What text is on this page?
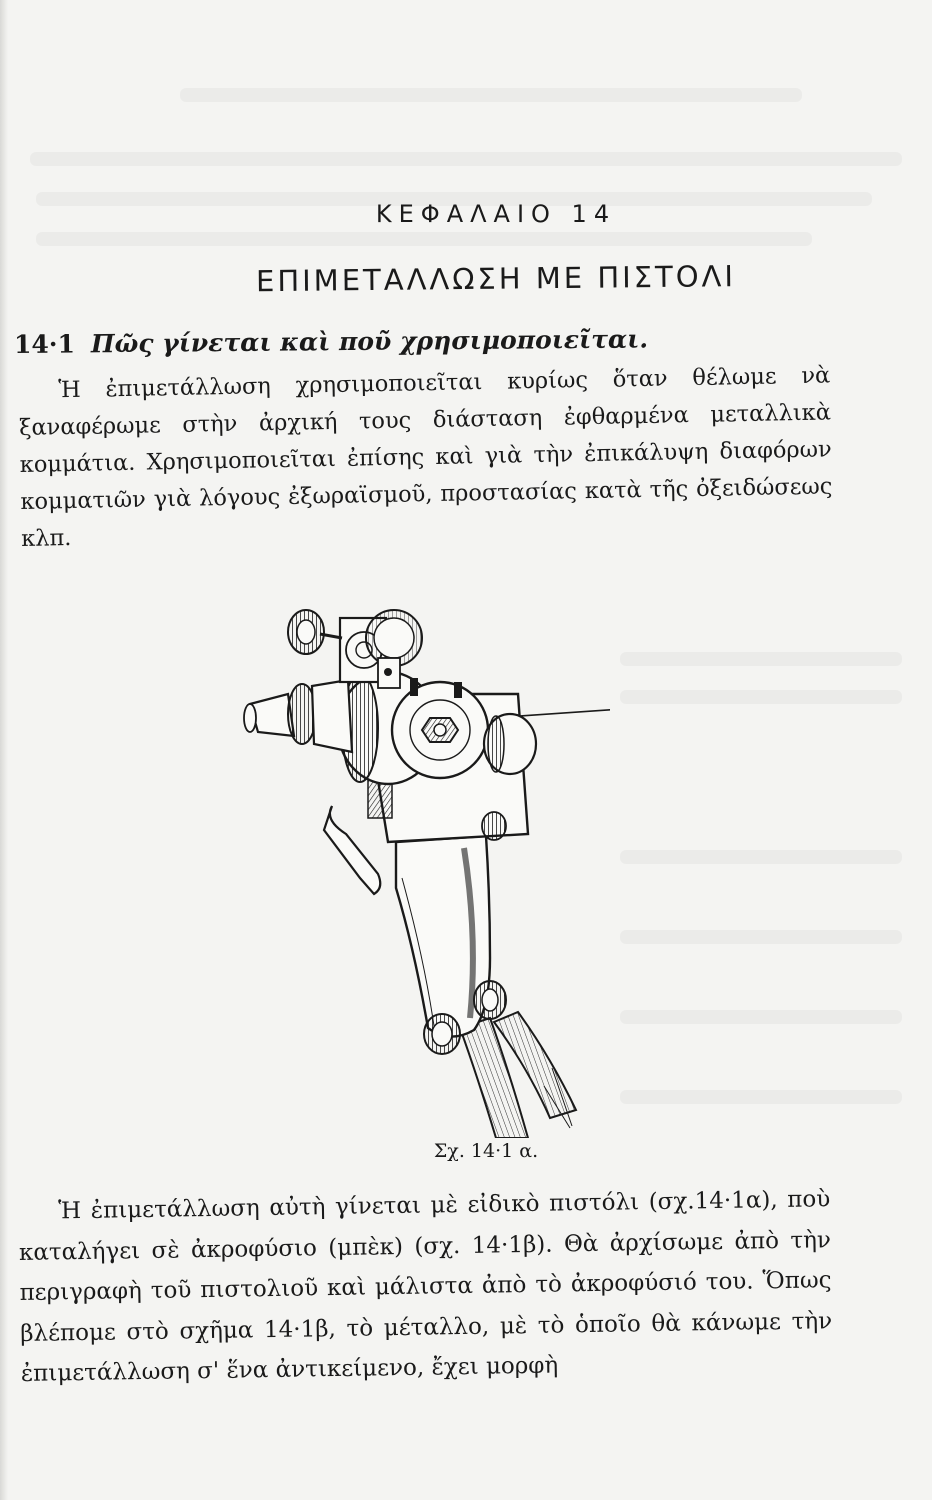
ΚΕΦΑΛΑΙΟ 14
ΕΠΙΜΕΤΑΛΛΩΣΗ ΜΕ ΠΙΣΤΟΛΙ
14·1 Πῶς γίνεται καὶ ποῦ χρησιμοποιεῖται.

Ἡ ἐπιμετάλλωση χρησιμοποιεῖται κυρίως ὅταν θέλωμε νὰ ξαναφέρωμε στὴν ἀρχική τους διάσταση ἐφθαρμένα μεταλλικὰ κομμάτια. Χρησιμοποιεῖται ἐπίσης καὶ γιὰ τὴν ἐπικάλυψη διαφόρων κομματιῶν γιὰ λόγους ἐξωραϊσμοῦ, προστασίας κατὰ τῆς ὀξειδώσεως κλπ.

Σχ. 14·1 α.

Ἡ ἐπιμετάλλωση αὐτὴ γίνεται μὲ εἰδικὸ πιστόλι (σχ.14·1α), ποὺ καταλήγει σὲ ἀκροφύσιο (μπὲκ) (σχ. 14·1β). Θὰ ἀρχίσωμε ἀπὸ τὴν περιγραφὴ τοῦ πιστολιοῦ καὶ μάλιστα ἀπὸ τὸ ἀκροφύσιό του. Ὅπως βλέπομε στὸ σχῆμα 14·1β, τὸ μέταλλο, μὲ τὸ ὁποῖο θὰ κάνωμε τὴν ἐπιμετάλλωση σ' ἕνα ἀντικείμενο, ἔχει μορφὴ
